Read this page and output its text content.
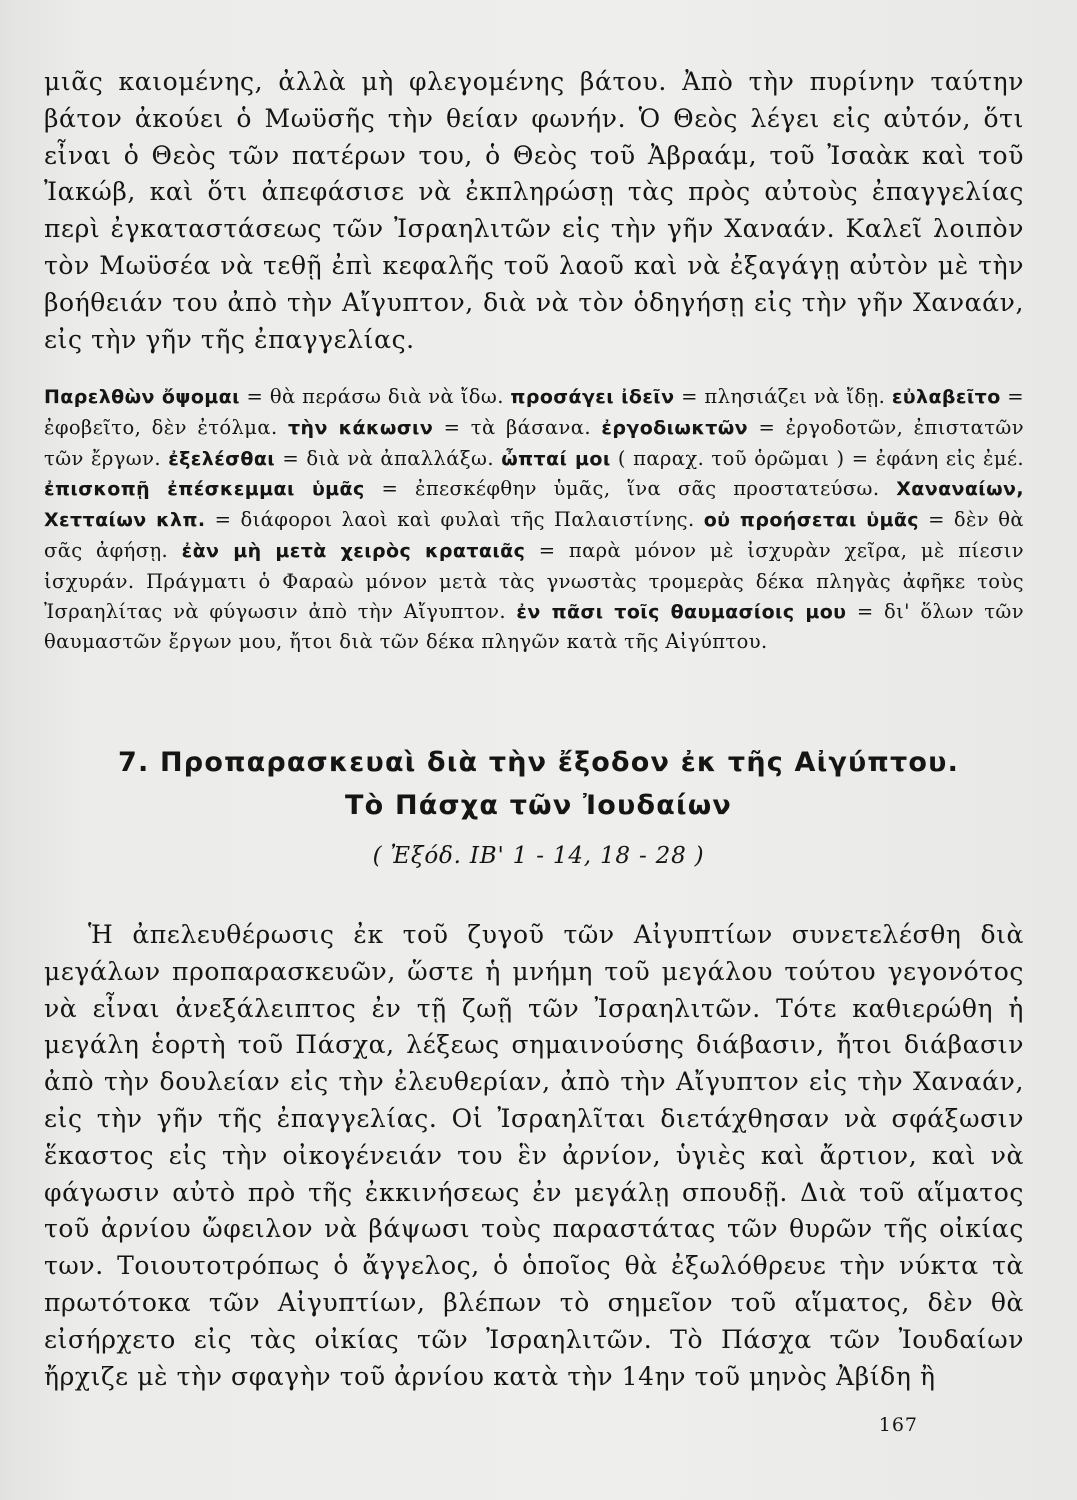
μιᾶς καιομένης, ἀλλὰ μὴ φλεγομένης βάτου. Ἀπὸ τὴν πυρίνην ταύτην βάτον ἀκούει ὁ Μωϋσῆς τὴν θείαν φωνήν. Ὁ Θεὸς λέγει εἰς αὐτόν, ὅτι εἶναι ὁ Θεὸς τῶν πατέρων του, ὁ Θεὸς τοῦ Ἀβραάμ, τοῦ Ἰσαὰκ καὶ τοῦ Ἰακώβ, καὶ ὅτι ἀπεφάσισε νὰ ἐκπληρώσῃ τὰς πρὸς αὐτοὺς ἐπαγγελίας περὶ ἐγκαταστάσεως τῶν Ἰσραηλιτῶν εἰς τὴν γῆν Χαναάν. Καλεῖ λοιπὸν τὸν Μωϋσέα νὰ τεθῇ ἐπὶ κεφαλῆς τοῦ λαοῦ καὶ νὰ ἐξαγάγῃ αὐτὸν μὲ τὴν βοήθειάν του ἀπὸ τὴν Αἴγυπτον, διὰ νὰ τὸν ὁδηγήσῃ εἰς τὴν γῆν Χαναάν, εἰς τὴν γῆν τῆς ἐπαγγελίας.

Παρελθὼν ὄψομαι = θὰ περάσω διὰ νὰ ἴδω. προσάγει ἰδεῖν = πλησιάζει νὰ ἴδῃ. εὐλαβεῖτο = ἐφοβεῖτο, δὲν ἐτόλμα. τὴν κάκωσιν = τὰ βάσανα. ἐργοδιωκτῶν = ἐργοδοτῶν, ἐπιστατῶν τῶν ἔργων. ἐξελέσθαι = διὰ νὰ ἀπαλλάξω. ὦπταί μοι ( παραχ. τοῦ ὁρῶμαι ) = ἐφάνη εἰς ἐμέ. ἐπισκοπῇ ἐπέσκεμμαι ὑμᾶς = ἐπεσκέφθην ὑμᾶς, ἵνα σᾶς προστατεύσω. Χαναναίων, Χετταίων κλπ. = διάφοροι λαοὶ καὶ φυλαὶ τῆς Παλαιστίνης. οὐ προήσεται ὑμᾶς = δὲν θὰ σᾶς ἀφήσῃ. ἐὰν μὴ μετὰ χειρὸς κραταιᾶς = παρὰ μόνον μὲ ἰσχυρὰν χεῖρα, μὲ πίεσιν ἰσχυράν. Πράγματι ὁ Φαραὼ μόνον μετὰ τὰς γνωστὰς τρομερὰς δέκα πληγὰς ἀφῆκε τοὺς Ἰσραηλίτας νὰ φύγωσιν ἀπὸ τὴν Αἴγυπτον. ἐν πᾶσι τοῖς θαυμασίοις μου = δι' ὅλων τῶν θαυμαστῶν ἔργων μου, ἤτοι διὰ τῶν δέκα πληγῶν κατὰ τῆς Αἰγύπτου.

7. Προπαρασκευαὶ διὰ τὴν ἔξοδον ἐκ τῆς Αἰγύπτου.
Τὸ Πάσχα τῶν Ἰουδαίων

( Ἐξόδ. ΙΒ' 1 - 14, 18 - 28 )

Ἡ ἀπελευθέρωσις ἐκ τοῦ ζυγοῦ τῶν Αἰγυπτίων συνετελέσθη διὰ μεγάλων προπαρασκευῶν, ὥστε ἡ μνήμη τοῦ μεγάλου τούτου γεγονότος νὰ εἶναι ἀνεξάλειπτος ἐν τῇ ζωῇ τῶν Ἰσραηλιτῶν. Τότε καθιερώθη ἡ μεγάλη ἑορτὴ τοῦ Πάσχα, λέξεως σημαινούσης διάβασιν, ἤτοι διάβασιν ἀπὸ τὴν δουλείαν εἰς τὴν ἐλευθερίαν, ἀπὸ τὴν Αἴγυπτον εἰς τὴν Χαναάν, εἰς τὴν γῆν τῆς ἐπαγγελίας. Οἱ Ἰσραηλῖται διετάχθησαν νὰ σφάξωσιν ἕκαστος εἰς τὴν οἰκογένειάν του ἓν ἀρνίον, ὑγιὲς καὶ ἄρτιον, καὶ νὰ φάγωσιν αὐτὸ πρὸ τῆς ἐκκινήσεως ἐν μεγάλῃ σπουδῇ. Διὰ τοῦ αἵματος τοῦ ἀρνίου ὤφειλον νὰ βάψωσι τοὺς παραστάτας τῶν θυρῶν τῆς οἰκίας των. Τοιουτοτρόπως ὁ ἄγγελος, ὁ ὁποῖος θὰ ἐξωλόθρευε τὴν νύκτα τὰ πρωτότοκα τῶν Αἰγυπτίων, βλέπων τὸ σημεῖον τοῦ αἵματος, δὲν θὰ εἰσήρχετο εἰς τὰς οἰκίας τῶν Ἰσραηλιτῶν. Τὸ Πάσχα τῶν Ἰουδαίων ἤρχιζε μὲ τὴν σφαγὴν τοῦ ἀρνίου κατὰ τὴν 14ην τοῦ μηνὸς Ἀβίδη ἢ

167
